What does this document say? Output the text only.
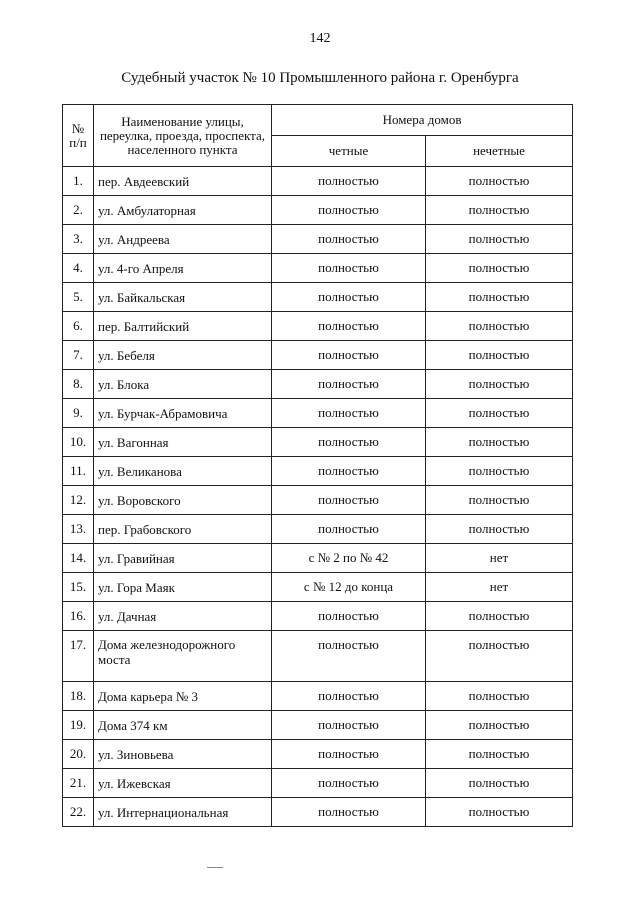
142
Судебный участок № 10 Промышленного района г. Оренбурга
№ п/п	Наименование улицы, переулка, проезда, проспекта, населенного пункта	Номера домов	
		четные	нечетные
1.	пер. Авдеевский	полностью	полностью
2.	ул. Амбулаторная	полностью	полностью
3.	ул. Андреева	полностью	полностью
4.	ул. 4-го Апреля	полностью	полностью
5.	ул. Байкальская	полностью	полностью
6.	пер. Балтийский	полностью	полностью
7.	ул. Бебеля	полностью	полностью
8.	ул. Блока	полностью	полностью
9.	ул. Бурчак-Абрамовича	полностью	полностью
10.	ул. Вагонная	полностью	полностью
11.	ул. Великанова	полностью	полностью
12.	ул. Воровского	полностью	полностью
13.	пер. Грабовского	полностью	полностью
14.	ул. Гравийная	с № 2 по № 42	нет
15.	ул. Гора Маяк	с № 12 до конца	нет
16.	ул. Дачная	полностью	полностью
17.	Дома железнодорожного моста	полностью	полностью
18.	Дома карьера № 3	полностью	полностью
19.	Дома 374 км	полностью	полностью
20.	ул. Зиновьева	полностью	полностью
21.	ул. Ижевская	полностью	полностью
22.	ул. Интернациональная	полностью	полностью
